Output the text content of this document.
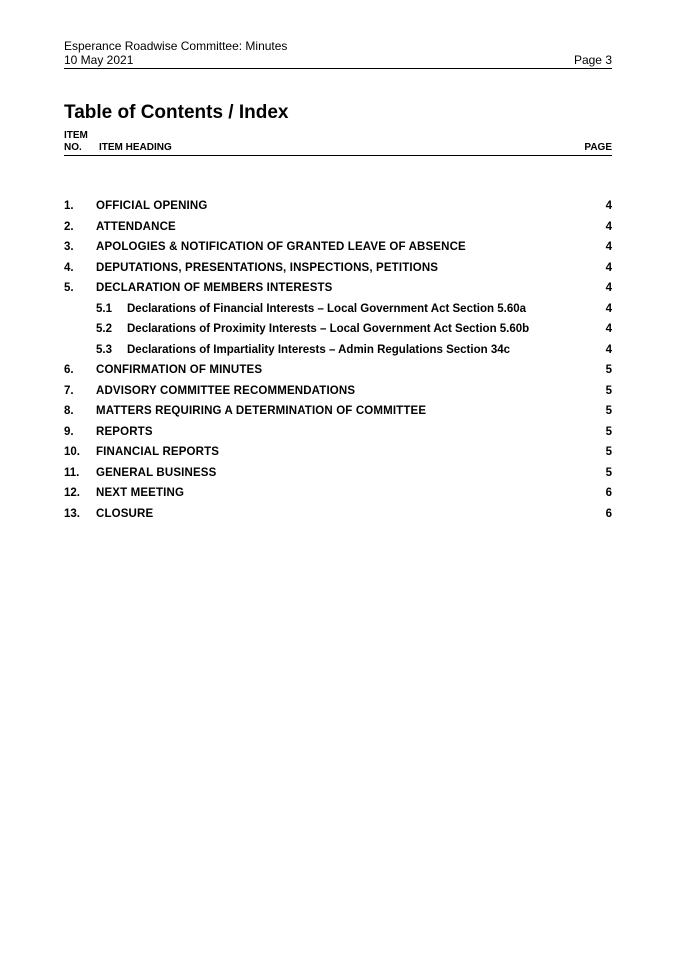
Esperance Roadwise Committee: Minutes
10 May 2021	Page 3
Table of Contents / Index
ITEM
NO. ITEM HEADING	PAGE
1. OFFICIAL OPENING	4
2. ATTENDANCE	4
3. APOLOGIES & NOTIFICATION OF GRANTED LEAVE OF ABSENCE	4
4. DEPUTATIONS, PRESENTATIONS, INSPECTIONS, PETITIONS	4
5. DECLARATION OF MEMBERS INTERESTS	4
5.1 Declarations of Financial Interests – Local Government Act Section 5.60a	4
5.2 Declarations of Proximity Interests – Local Government Act Section 5.60b	4
5.3 Declarations of Impartiality Interests – Admin Regulations Section 34c	4
6. CONFIRMATION OF MINUTES	5
7. ADVISORY COMMITTEE RECOMMENDATIONS	5
8. MATTERS REQUIRING A DETERMINATION OF COMMITTEE	5
9. REPORTS	5
10. FINANCIAL REPORTS	5
11. GENERAL BUSINESS	5
12. NEXT MEETING	6
13. CLOSURE	6
